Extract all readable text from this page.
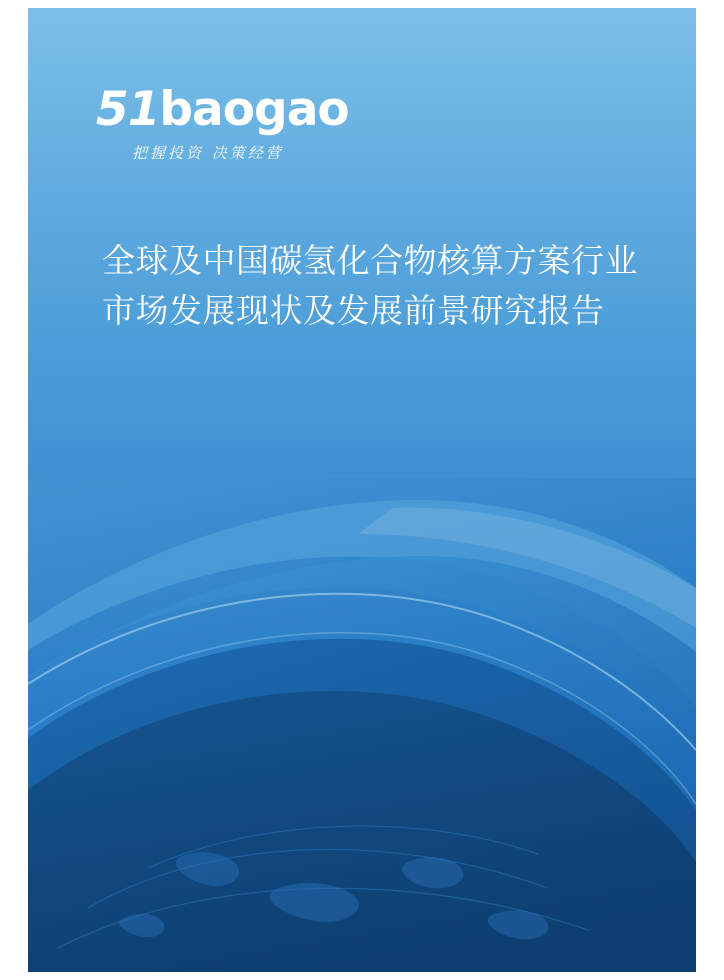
51baogao
把握投资 决策经营
全球及中国碳氢化合物核算方案行业
市场发展现状及发展前景研究报告
